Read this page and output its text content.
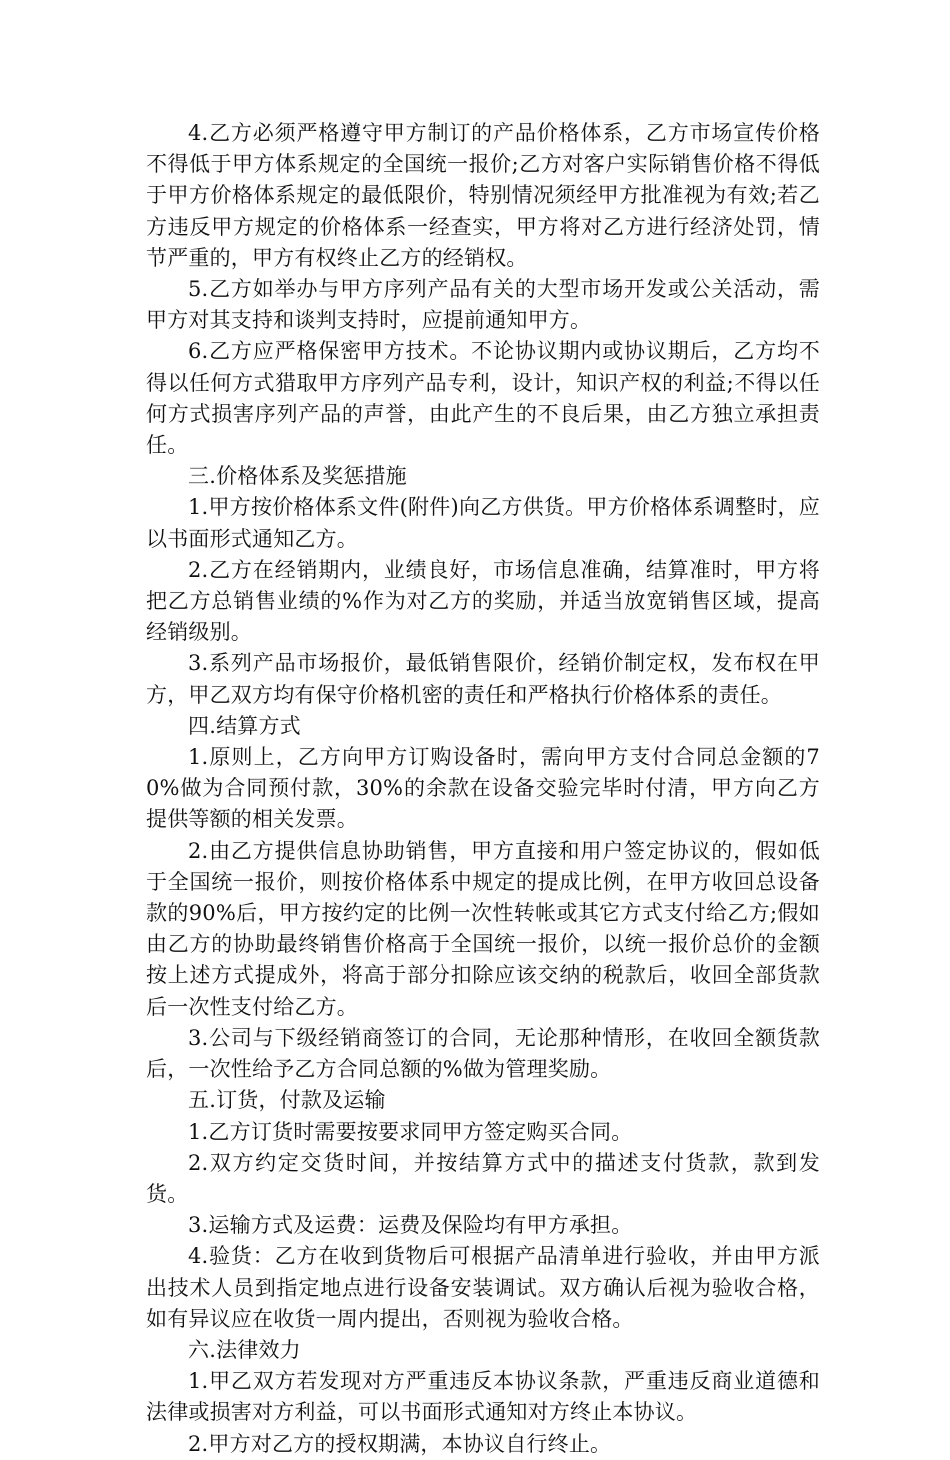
4.乙方必须严格遵守甲方制订的产品价格体系，乙方市场宣传价格不得低于甲方体系规定的全国统一报价;乙方对客户实际销售价格不得低于甲方价格体系规定的最低限价，特别情况须经甲方批准视为有效;若乙方违反甲方规定的价格体系一经查实，甲方将对乙方进行经济处罚，情节严重的，甲方有权终止乙方的经销权。

5.乙方如举办与甲方序列产品有关的大型市场开发或公关活动，需甲方对其支持和谈判支持时，应提前通知甲方。

6.乙方应严格保密甲方技术。不论协议期内或协议期后，乙方均不得以任何方式猎取甲方序列产品专利，设计，知识产权的利益;不得以任何方式损害序列产品的声誉，由此产生的不良后果，由乙方独立承担责任。

三.价格体系及奖惩措施

1.甲方按价格体系文件(附件)向乙方供货。甲方价格体系调整时，应以书面形式通知乙方。

2.乙方在经销期内，业绩良好，市场信息准确，结算准时，甲方将把乙方总销售业绩的%作为对乙方的奖励，并适当放宽销售区域，提高经销级别。

3.系列产品市场报价，最低销售限价，经销价制定权，发布权在甲方，甲乙双方均有保守价格机密的责任和严格执行价格体系的责任。

四.结算方式

1.原则上，乙方向甲方订购设备时，需向甲方支付合同总金额的70%做为合同预付款，30%的余款在设备交验完毕时付清，甲方向乙方提供等额的相关发票。

2.由乙方提供信息协助销售，甲方直接和用户签定协议的，假如低于全国统一报价，则按价格体系中规定的提成比例，在甲方收回总设备款的90%后，甲方按约定的比例一次性转帐或其它方式支付给乙方;假如由乙方的协助最终销售价格高于全国统一报价，以统一报价总价的金额按上述方式提成外，将高于部分扣除应该交纳的税款后，收回全部货款后一次性支付给乙方。

3.公司与下级经销商签订的合同，无论那种情形，在收回全额货款后，一次性给予乙方合同总额的%做为管理奖励。

五.订货，付款及运输

1.乙方订货时需要按要求同甲方签定购买合同。

2.双方约定交货时间，并按结算方式中的描述支付货款，款到发货。

3.运输方式及运费：运费及保险均有甲方承担。

4.验货：乙方在收到货物后可根据产品清单进行验收，并由甲方派出技术人员到指定地点进行设备安装调试。双方确认后视为验收合格，如有异议应在收货一周内提出，否则视为验收合格。

六.法律效力

1.甲乙双方若发现对方严重违反本协议条款，严重违反商业道德和法律或损害对方利益，可以书面形式通知对方终止本协议。

2.甲方对乙方的授权期满，本协议自行终止。
